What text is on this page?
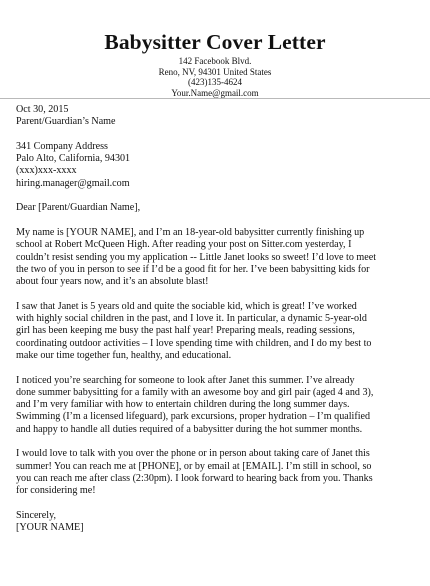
Babysitter Cover Letter
142 Facebook Blvd.
Reno, NV, 94301 United States
(423)135-4624
Your.Name@gmail.com
Oct 30, 2015
Parent/Guardian’s Name
341 Company Address
Palo Alto, California, 94301
(xxx)xxx-xxxx
hiring.manager@gmail.com
Dear [Parent/Guardian Name],
My name is [YOUR NAME], and I’m an 18-year-old babysitter currently finishing up
school at Robert McQueen High. After reading your post on Sitter.com yesterday, I
couldn’t resist sending you my application -- Little Janet looks so sweet! I’d love to meet
the two of you in person to see if I’d be a good fit for her. I’ve been babysitting kids for
about four years now, and it’s an absolute blast!
I saw that Janet is 5 years old and quite the sociable kid, which is great! I’ve worked
with highly social children in the past, and I love it. In particular, a dynamic 5-year-old
girl has been keeping me busy the past half year! Preparing meals, reading sessions,
coordinating outdoor activities – I love spending time with children, and I do my best to
make our time together fun, healthy, and educational.
I noticed you’re searching for someone to look after Janet this summer. I’ve already
done summer babysitting for a family with an awesome boy and girl pair (aged 4 and 3),
and I’m very familiar with how to entertain children during the long summer days.
Swimming (I’m a licensed lifeguard), park excursions, proper hydration – I’m qualified
and happy to handle all duties required of a babysitter during the hot summer months.
I would love to talk with you over the phone or in person about taking care of Janet this
summer! You can reach me at [PHONE], or by email at [EMAIL]. I’m still in school, so
you can reach me after class (2:30pm). I look forward to hearing back from you. Thanks
for considering me!
Sincerely,
[YOUR NAME]
